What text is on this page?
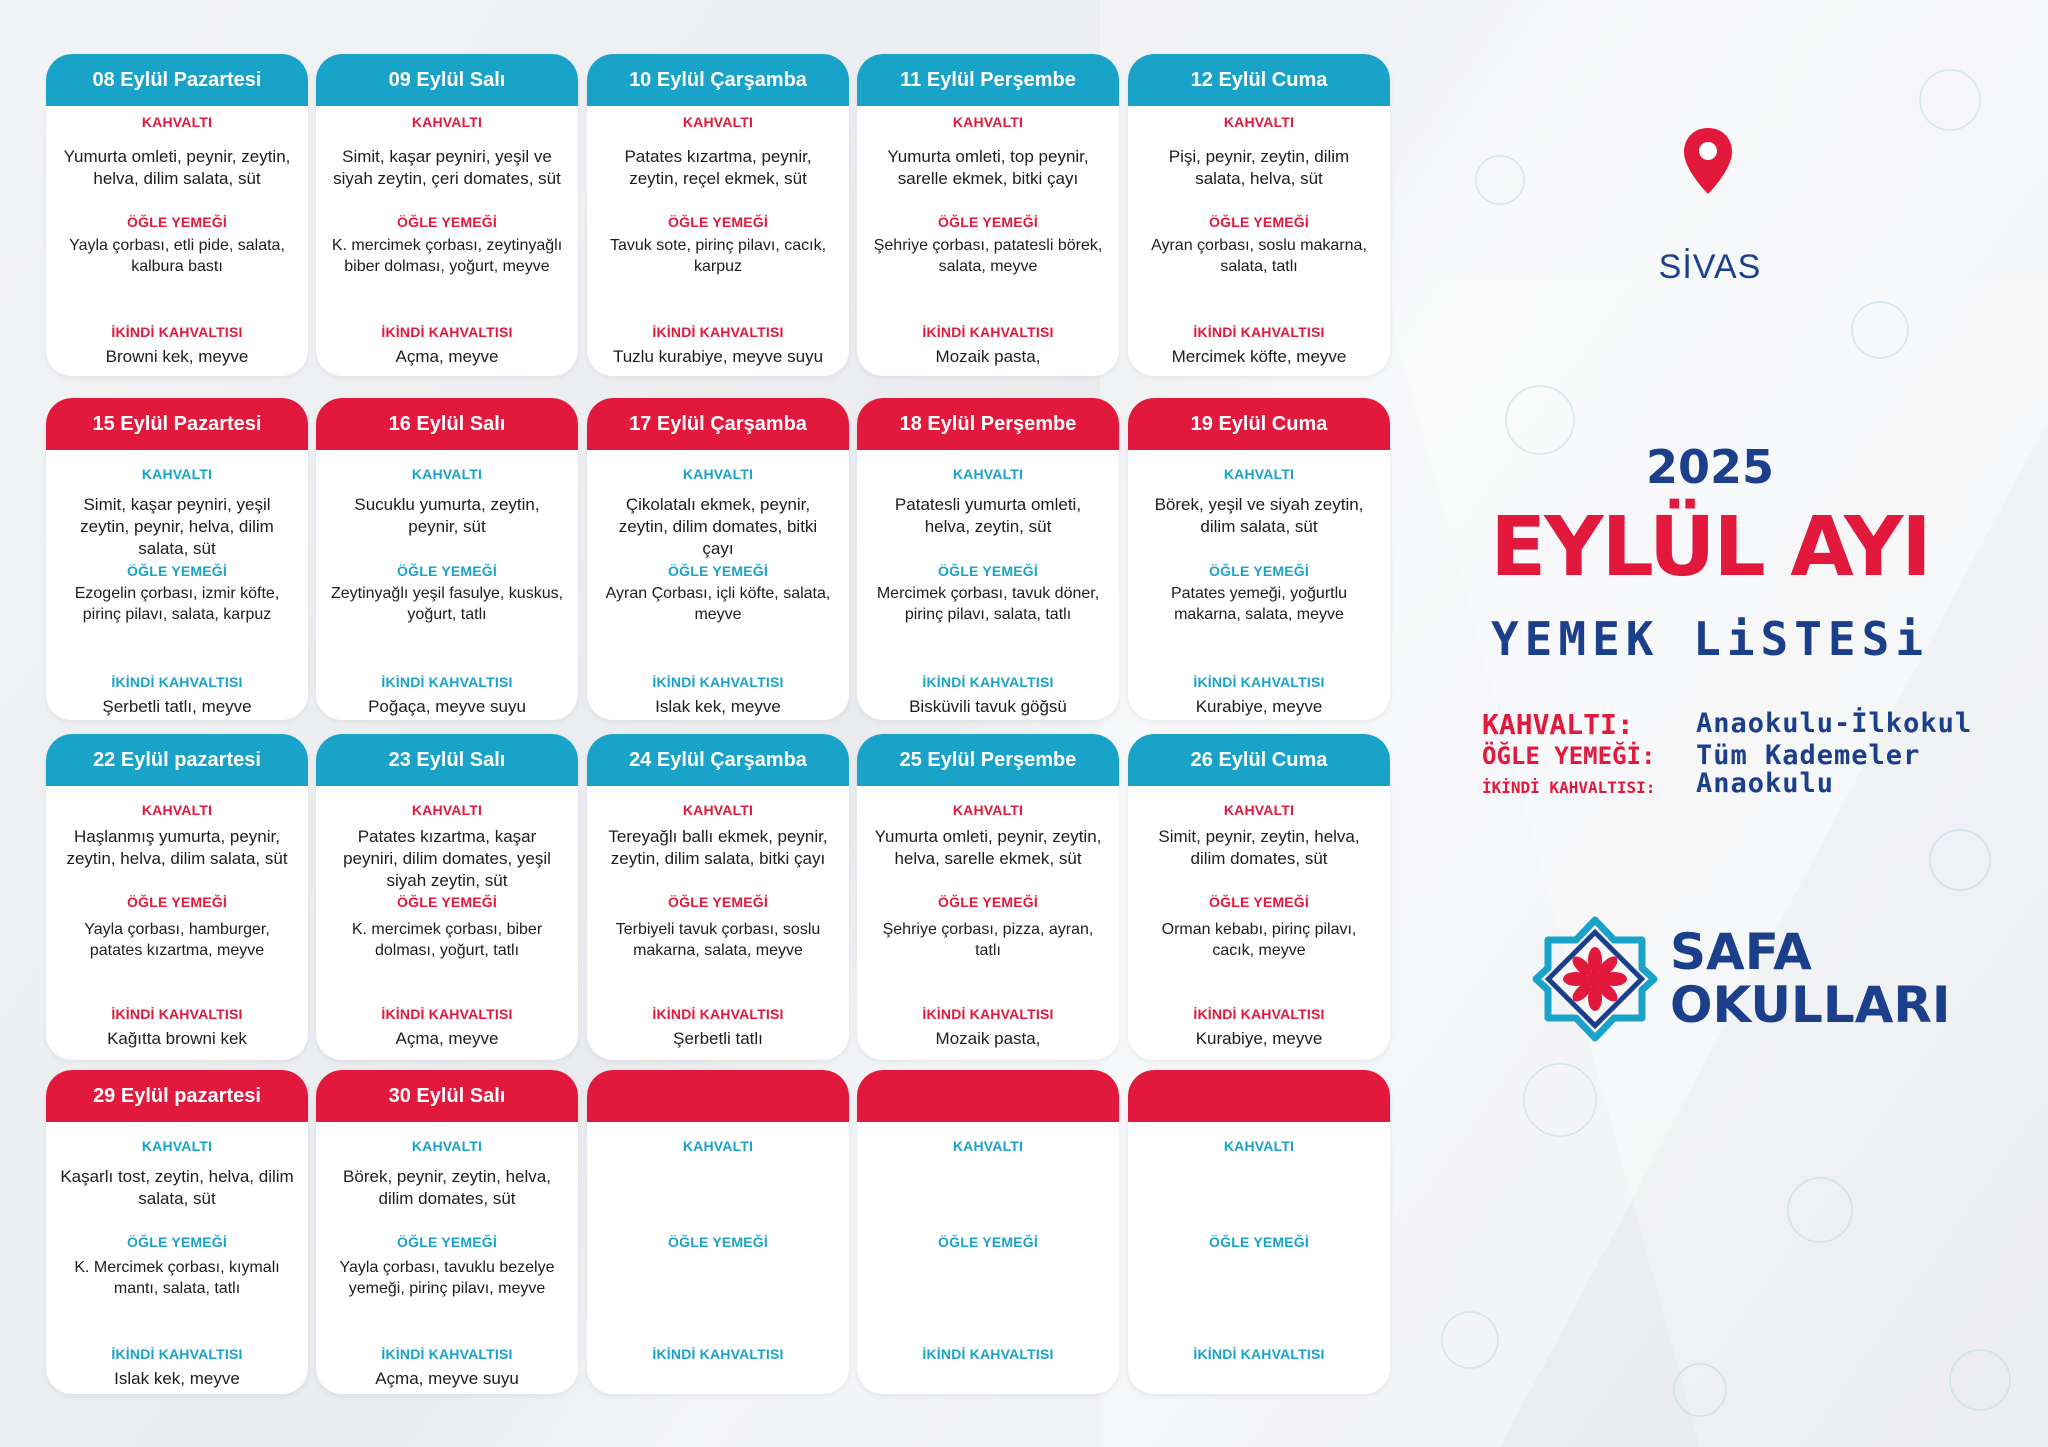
08 Eylül Pazartesi
KAHVALTI
Yumurta omleti, peynir, zeytin, helva, dilim salata, süt
ÖĞLE YEMEĞİ
Yayla çorbası, etli pide, salata, kalbura bastı
İKİNDİ KAHVALTISI
Browni kek, meyve
09 Eylül Salı
KAHVALTI
Simit, kaşar peyniri, yeşil ve siyah zeytin, çeri domates, süt
ÖĞLE YEMEĞİ
K. mercimek çorbası, zeytinyağlı biber dolması, yoğurt, meyve
İKİNDİ KAHVALTISI
Açma, meyve
10 Eylül Çarşamba
KAHVALTI
Patates kızartma, peynir, zeytin, reçel ekmek, süt
ÖĞLE YEMEĞİ
Tavuk sote, pirinç pilavı, cacık, karpuz
İKİNDİ KAHVALTISI
Tuzlu kurabiye, meyve suyu
11 Eylül Perşembe
KAHVALTI
Yumurta omleti, top peynir, sarelle ekmek, bitki çayı
ÖĞLE YEMEĞİ
Şehriye çorbası, patatesli börek, salata, meyve
İKİNDİ KAHVALTISI
Mozaik pasta,
12 Eylül Cuma
KAHVALTI
Pişi, peynir, zeytin, dilim salata, helva, süt
ÖĞLE YEMEĞİ
Ayran çorbası, soslu makarna, salata, tatlı
İKİNDİ KAHVALTISI
Mercimek köfte, meyve
15 Eylül Pazartesi
KAHVALTI
Simit, kaşar peyniri, yeşil zeytin, peynir, helva, dilim salata, süt
ÖĞLE YEMEĞİ
Ezogelin çorbası, izmir köfte, pirinç pilavı, salata, karpuz
İKİNDİ KAHVALTISI
Şerbetli tatlı, meyve
16 Eylül Salı
KAHVALTI
Sucuklu yumurta, zeytin, peynir, süt
ÖĞLE YEMEĞİ
Zeytinyağlı yeşil fasulye, kuskus, yoğurt, tatlı
İKİNDİ KAHVALTISI
Poğaça, meyve suyu
17 Eylül Çarşamba
KAHVALTI
Çikolatalı ekmek, peynir, zeytin, dilim domates, bitki çayı
ÖĞLE YEMEĞİ
Ayran Çorbası, içli köfte, salata, meyve
İKİNDİ KAHVALTISI
Islak kek, meyve
18 Eylül Perşembe
KAHVALTI
Patatesli yumurta omleti, helva, zeytin, süt
ÖĞLE YEMEĞİ
Mercimek çorbası, tavuk döner, pirinç pilavı, salata, tatlı
İKİNDİ KAHVALTISI
Bisküvili tavuk göğsü
19 Eylül Cuma
KAHVALTI
Börek, yeşil ve siyah zeytin, dilim salata, süt
ÖĞLE YEMEĞİ
Patates yemeği, yoğurtlu makarna, salata, meyve
İKİNDİ KAHVALTISI
Kurabiye, meyve
22 Eylül pazartesi
KAHVALTI
Haşlanmış yumurta, peynir, zeytin, helva, dilim salata, süt
ÖĞLE YEMEĞİ
Yayla çorbası, hamburger, patates kızartma, meyve
İKİNDİ KAHVALTISI
Kağıtta browni kek
23 Eylül Salı
KAHVALTI
Patates kızartma, kaşar peyniri, dilim domates, yeşil siyah zeytin, süt
ÖĞLE YEMEĞİ
K. mercimek çorbası, biber dolması, yoğurt, tatlı
İKİNDİ KAHVALTISI
Açma, meyve
24 Eylül Çarşamba
KAHVALTI
Tereyağlı ballı ekmek, peynir, zeytin, dilim salata, bitki çayı
ÖĞLE YEMEĞİ
Terbiyeli tavuk çorbası, soslu makarna, salata, meyve
İKİNDİ KAHVALTISI
Şerbetli tatlı
25 Eylül Perşembe
KAHVALTI
Yumurta omleti, peynir, zeytin, helva, sarelle ekmek, süt
ÖĞLE YEMEĞİ
Şehriye çorbası, pizza, ayran, tatlı
İKİNDİ KAHVALTISI
Mozaik pasta,
26 Eylül Cuma
KAHVALTI
Simit, peynir, zeytin, helva, dilim domates, süt
ÖĞLE YEMEĞİ
Orman kebabı, pirinç pilavı, cacık, meyve
İKİNDİ KAHVALTISI
Kurabiye, meyve
29 Eylül pazartesi
KAHVALTI
Kaşarlı tost, zeytin, helva, dilim salata, süt
ÖĞLE YEMEĞİ
K. Mercimek çorbası, kıymalı mantı, salata, tatlı
İKİNDİ KAHVALTISI
Islak kek, meyve
30 Eylül Salı
KAHVALTI
Börek, peynir, zeytin, helva, dilim domates, süt
ÖĞLE YEMEĞİ
Yayla çorbası, tavuklu bezelye yemeği, pirinç pilavı, meyve
İKİNDİ KAHVALTISI
Açma, meyve suyu
KAHVALTI
ÖĞLE YEMEĞİ
İKİNDİ KAHVALTISI
KAHVALTI
ÖĞLE YEMEĞİ
İKİNDİ KAHVALTISI
KAHVALTI
ÖĞLE YEMEĞİ
İKİNDİ KAHVALTISI
SİVAS
2025
EYLÜL AYI
YEMEK LiSTESi
KAHVALTI: Anaokulu-İlkokul
ÖĞLE YEMEĞİ: Tüm Kademeler
İKİNDİ KAHVALTISI: Anaokulu
SAFA
OKULLARI
